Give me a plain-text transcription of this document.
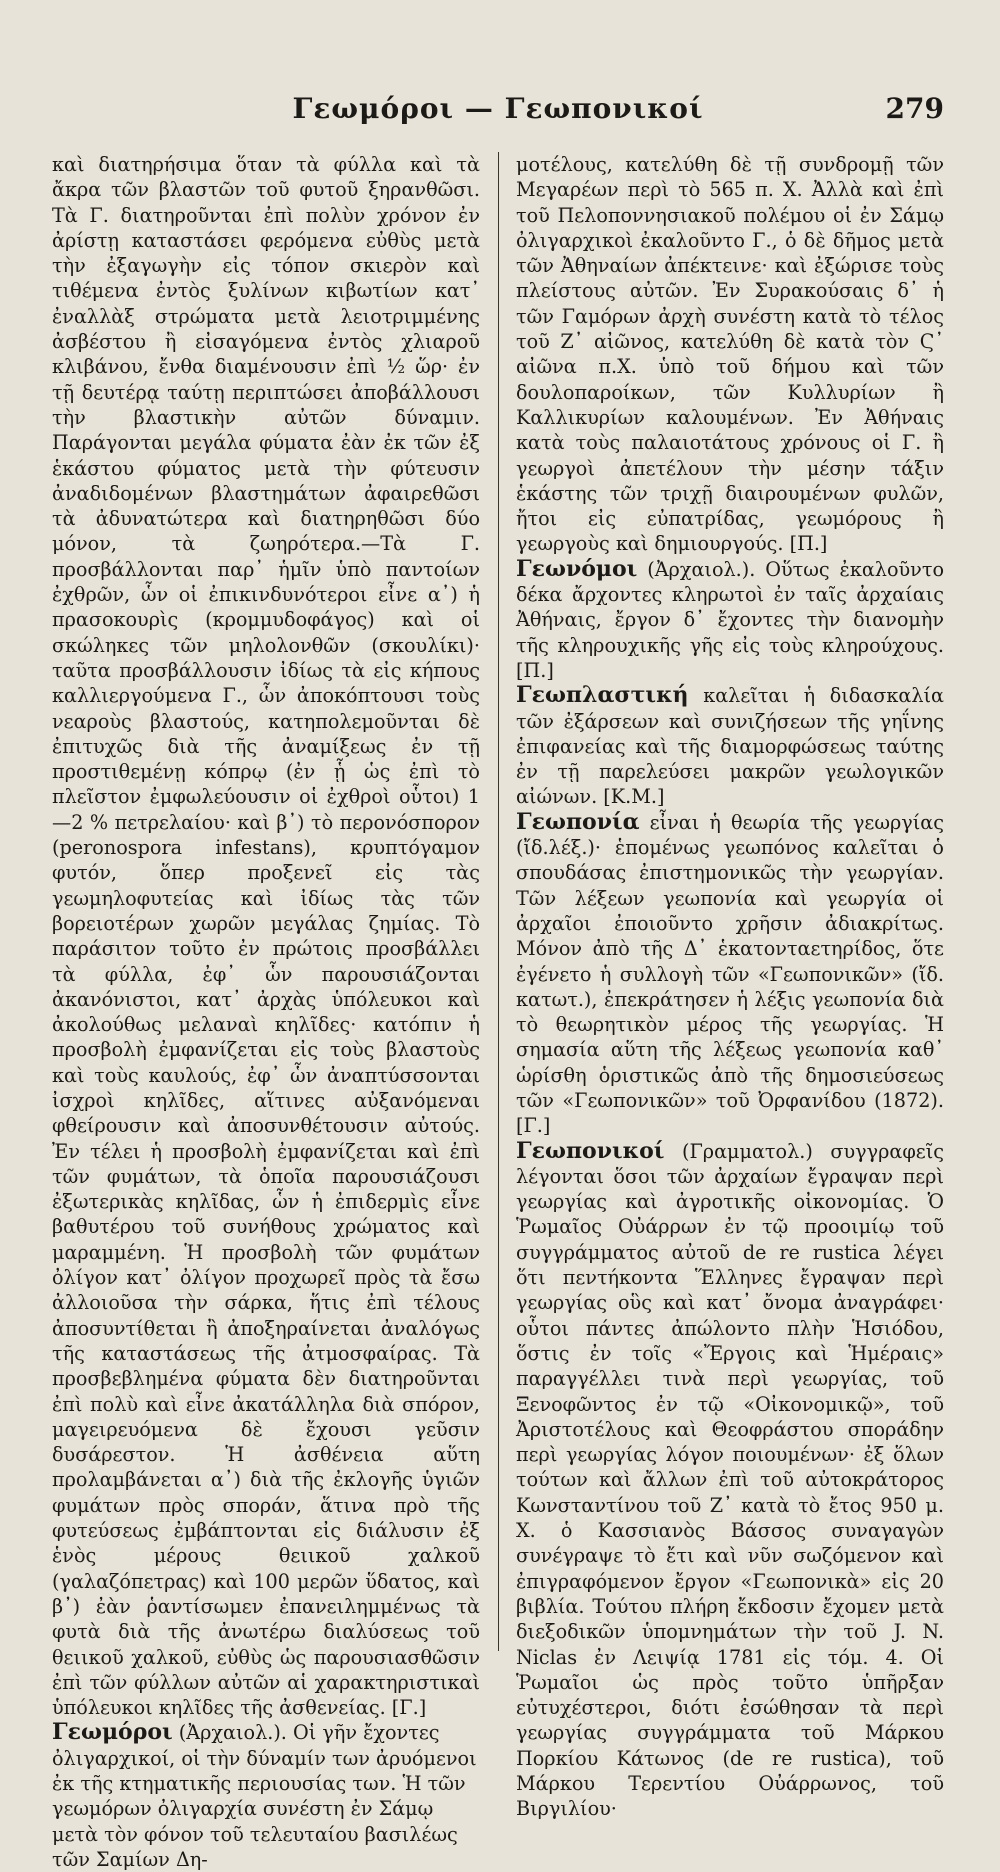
Γεωμόροι — Γεωπονικοί	279

καὶ διατηρήσιμα ὅταν τὰ φύλλα καὶ τὰ ἄκρα τῶν βλαστῶν τοῦ φυτοῦ ξηρανθῶσι. Τὰ Γ. διατηροῦνται ἐπὶ πολὺν χρόνον ἐν ἀρίστῃ καταστάσει φερόμενα εὐθὺς μετὰ τὴν ἐξαγωγὴν εἰς τόπον σκιερὸν καὶ τιθέμενα ἐντὸς ξυλίνων κιβωτίων κατ᾽ ἐναλλὰξ στρώματα μετὰ λειοτριμμένης ἀσβέστου ἢ εἰσαγόμενα ἐντὸς χλιαροῦ κλιβάνου, ἔνθα διαμένουσιν ἐπὶ ½ ὥρ· ἐν τῇ δευτέρᾳ ταύτῃ περιπτώσει ἀποβάλλουσι τὴν βλαστικὴν αὐτῶν δύναμιν. Παράγονται μεγάλα φύματα ἐὰν ἐκ τῶν ἐξ ἑκάστου φύματος μετὰ τὴν φύτευσιν ἀναδιδομένων βλαστημάτων ἀφαιρεθῶσι τὰ ἀδυνατώτερα καὶ διατηρηθῶσι δύο μόνον, τὰ ζωηρότερα.—Τὰ Γ. προσβάλλονται παρ᾽ ἡμῖν ὑπὸ παντοίων ἐχθρῶν, ὧν οἱ ἐπικινδυνότεροι εἶνε α᾽) ἡ πρασοκουρὶς (κρομμυδοφάγος) καὶ οἱ σκώληκες τῶν μηλολονθῶν (σκουλίκι)· ταῦτα προσβάλλουσιν ἰδίως τὰ εἰς κήπους καλλιεργούμενα Γ., ὧν ἀποκόπτουσι τοὺς νεαροὺς βλαστούς, κατηπολεμοῦνται δὲ ἐπιτυχῶς διὰ τῆς ἀναμίξεως ἐν τῇ προστιθεμένῃ κόπρῳ (ἐν ᾗ ὡς ἐπὶ τὸ πλεῖστον ἐμφωλεύουσιν οἱ ἐχθροὶ οὗτοι) 1—2 % πετρελαίου· καὶ β᾽) τὸ περονόσπορον (peronospora infestans), κρυπτόγαμον φυτόν, ὅπερ προξενεῖ εἰς τὰς γεωμηλοφυτείας καὶ ἰδίως τὰς τῶν βορειοτέρων χωρῶν μεγάλας ζημίας. Τὸ παράσιτον τοῦτο ἐν πρώτοις προσβάλλει τὰ φύλλα, ἐφ᾽ ὧν παρουσιάζονται ἀκανόνιστοι, κατ᾽ ἀρχὰς ὑπόλευκοι καὶ ἀκολούθως μελαναὶ κηλῖδες· κατόπιν ἡ προσβολὴ ἐμφανίζεται εἰς τοὺς βλαστοὺς καὶ τοὺς καυλούς, ἐφ᾽ ὧν ἀναπτύσσονται ἰσχροὶ κηλῖδες, αἵτινες αὐξανόμεναι φθείρουσιν καὶ ἀποσυνθέτουσιν αὐτούς. Ἐν τέλει ἡ προσβολὴ ἐμφανίζεται καὶ ἐπὶ τῶν φυμάτων, τὰ ὁποῖα παρουσιάζουσι ἐξωτερικὰς κηλῖδας, ὧν ἡ ἐπιδερμὶς εἶνε βαθυτέρου τοῦ συνήθους χρώματος καὶ μαραμμένη. Ἡ προσβολὴ τῶν φυμάτων ὀλίγον κατ᾽ ὀλίγον προχωρεῖ πρὸς τὰ ἔσω ἀλλοιοῦσα τὴν σάρκα, ἥτις ἐπὶ τέλους ἀποσυντίθεται ἢ ἀποξηραίνεται ἀναλόγως τῆς καταστάσεως τῆς ἀτμοσφαίρας. Τὰ προσβεβλημένα φύματα δὲν διατηροῦνται ἐπὶ πολὺ καὶ εἶνε ἀκατάλληλα διὰ σπόρον, μαγειρευόμενα δὲ ἔχουσι γεῦσιν δυσάρεστον. Ἡ ἀσθένεια αὕτη προλαμβάνεται α᾽) διὰ τῆς ἐκλογῆς ὑγιῶν φυμάτων πρὸς σποράν, ἅτινα πρὸ τῆς φυτεύσεως ἐμβάπτονται εἰς διάλυσιν ἐξ ἑνὸς μέρους θειικοῦ χαλκοῦ (γαλαζόπετρας) καὶ 100 μερῶν ὕδατος, καὶ β᾽) ἐὰν ῥαντίσωμεν ἐπανειλημμένως τὰ φυτὰ διὰ τῆς ἀνωτέρω διαλύσεως τοῦ θειικοῦ χαλκοῦ, εὐθὺς ὡς παρουσιασθῶσιν ἐπὶ τῶν φύλλων αὐτῶν αἱ χαρακτηριστικαὶ ὑπόλευκοι κηλῖδες τῆς ἀσθενείας. [Γ.]

Γεωμόροι (Ἀρχαιολ.). Οἱ γῆν ἔχοντες ὀλιγαρχικοί, οἱ τὴν δύναμίν των ἀρυόμενοι ἐκ τῆς κτηματικῆς περιουσίας των. Ἡ τῶν γεωμόρων ὀλιγαρχία συνέστη ἐν Σάμῳ μετὰ τὸν φόνον τοῦ τελευταίου βασιλέως τῶν Σαμίων Δη-

μοτέλους, κατελύθη δὲ τῇ συνδρομῇ τῶν Μεγαρέων περὶ τὸ 565 π. Χ. Ἀλλὰ καὶ ἐπὶ τοῦ Πελοποννησιακοῦ πολέμου οἱ ἐν Σάμῳ ὀλιγαρχικοὶ ἐκαλοῦντο Γ., ὁ δὲ δῆμος μετὰ τῶν Ἀθηναίων ἀπέκτεινε· καὶ ἐξώρισε τοὺς πλείστους αὐτῶν. Ἐν Συρακούσαις δ᾽ ἡ τῶν Γαμόρων ἀρχὴ συνέστη κατὰ τὸ τέλος τοῦ Ζ᾽ αἰῶνος, κατελύθη δὲ κατὰ τὸν Ϛ᾽ αἰῶνα π.Χ. ὑπὸ τοῦ δήμου καὶ τῶν δουλοπαροίκων, τῶν Κυλλυρίων ἢ Καλλικυρίων καλουμένων. Ἐν Ἀθήναις κατὰ τοὺς παλαιοτάτους χρόνους οἱ Γ. ἢ γεωργοὶ ἀπετέλουν τὴν μέσην τάξιν ἑκάστης τῶν τριχῇ διαιρουμένων φυλῶν, ἤτοι εἰς εὐπατρίδας, γεωμόρους ἢ γεωργοὺς καὶ δημιουργούς. [Π.]

Γεωνόμοι (Ἀρχαιολ.). Οὕτως ἐκαλοῦντο δέκα ἄρχοντες κληρωτοὶ ἐν ταῖς ἀρχαίαις Ἀθήναις, ἔργον δ᾽ ἔχοντες τὴν διανομὴν τῆς κληρουχικῆς γῆς εἰς τοὺς κληρούχους. [Π.]

Γεωπλαστική καλεῖται ἡ διδασκαλία τῶν ἐξάρσεων καὶ συνιζήσεων τῆς γηΐνης ἐπιφανείας καὶ τῆς διαμορφώσεως ταύτης ἐν τῇ παρελεύσει μακρῶν γεωλογικῶν αἰώνων. [Κ.Μ.]

Γεωπονία εἶναι ἡ θεωρία τῆς γεωργίας (ἴδ.λέξ.)· ἑπομένως γεωπόνος καλεῖται ὁ σπουδάσας ἐπιστημονικῶς τὴν γεωργίαν. Τῶν λέξεων γεωπονία καὶ γεωργία οἱ ἀρχαῖοι ἐποιοῦντο χρῆσιν ἀδιακρίτως. Μόνον ἀπὸ τῆς Δ᾽ ἑκατονταετηρίδος, ὅτε ἐγένετο ἡ συλλογὴ τῶν «Γεωπονικῶν» (ἴδ. κατωτ.), ἐπεκράτησεν ἡ λέξις γεωπονία διὰ τὸ θεωρητικὸν μέρος τῆς γεωργίας. Ἡ σημασία αὕτη τῆς λέξεως γεωπονία καθ᾽ ὡρίσθη ὁριστικῶς ἀπὸ τῆς δημοσιεύσεως τῶν «Γεωπονικῶν» τοῦ Ὀρφανίδου (1872). [Γ.]

Γεωπονικοί (Γραμματολ.) συγγραφεῖς λέγονται ὅσοι τῶν ἀρχαίων ἔγραψαν περὶ γεωργίας καὶ ἀγροτικῆς οἰκονομίας. Ὁ Ῥωμαῖος Οὐάρρων ἐν τῷ προοιμίῳ τοῦ συγγράμματος αὐτοῦ de re rustica λέγει ὅτι πεντήκοντα Ἕλληνες ἔγραψαν περὶ γεωργίας οὓς καὶ κατ᾽ ὄνομα ἀναγράφει· οὗτοι πάντες ἀπώλοντο πλὴν Ἡσιόδου, ὅστις ἐν τοῖς «Ἔργοις καὶ Ἡμέραις» παραγγέλλει τινὰ περὶ γεωργίας, τοῦ Ξενοφῶντος ἐν τῷ «Οἰκονομικῷ», τοῦ Ἀριστοτέλους καὶ Θεοφράστου σποράδην περὶ γεωργίας λόγον ποιουμένων· ἐξ ὅλων τούτων καὶ ἄλλων ἐπὶ τοῦ αὐτοκράτορος Κωνσταντίνου τοῦ Ζ᾽ κατὰ τὸ ἔτος 950 μ. Χ. ὁ Κασσιανὸς Βάσσος συναγαγὼν συνέγραψε τὸ ἔτι καὶ νῦν σωζόμενον καὶ ἐπιγραφόμενον ἔργον «Γεωπονικὰ» εἰς 20 βιβλία. Τούτου πλήρη ἔκδοσιν ἔχομεν μετὰ διεξοδικῶν ὑπομνημάτων τὴν τοῦ J. N. Niclas ἐν Λειψίᾳ 1781 εἰς τόμ. 4. Οἱ Ῥωμαῖοι ὡς πρὸς τοῦτο ὑπῆρξαν εὐτυχέστεροι, διότι ἐσώθησαν τὰ περὶ γεωργίας συγγράμματα τοῦ Μάρκου Πορκίου Κάτωνος (de re rustica), τοῦ Μάρκου Τερεντίου Οὐάρρωνος, τοῦ Βιργιλίου·
